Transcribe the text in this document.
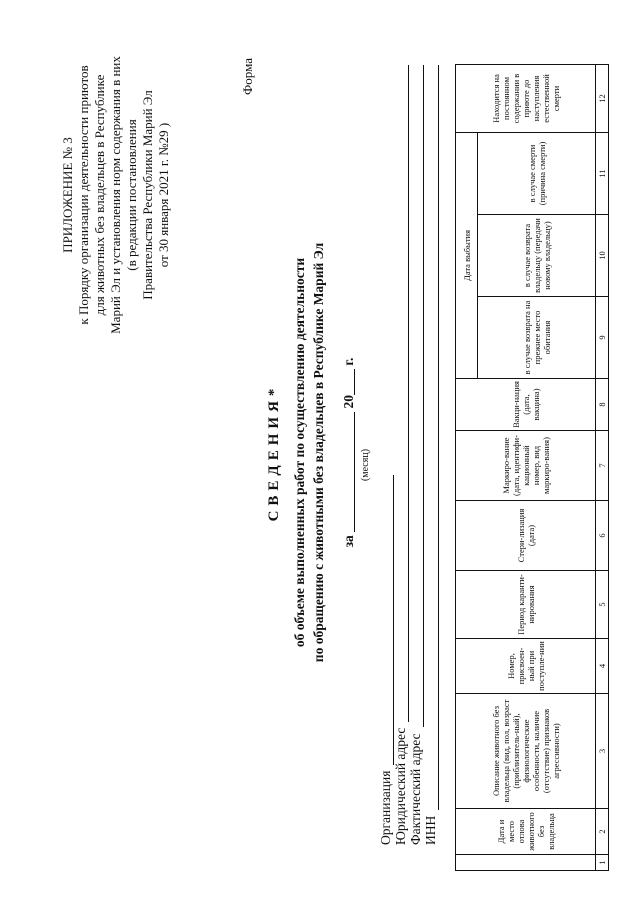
ПРИЛОЖЕНИЕ № 3 к Порядку организации деятельности приютов для животных без владельцев в Республике Марий Эл и установления норм содержания в них (в редакции постановления Правительства Республики Марий Эл от 30 января 2021 г. №29 )
Форма
СВЕДЕНИЯ* об объеме выполненных работ по осуществлению деятельности по обращению с животными без владельцев в Республике Марий Эл за  20 г.
(месяц)
Организация Юридический адрес Фактический адрес ИНН
		Дата и место отлова животного без владельца	Описание животного без владельца (вид, пол, возраст (приблизитель-ный), физиологические особенности, наличие (отсутствие) признаков агрессивности)	Номер, присвоен-ный при поступле-нии	Период каранти-нирования	Стери-лизация (дата)	Маркиро-вание (дата, идентифи-кационный номер, вид маркиро-вания)	Вакци-нация (дата, вакцина)	Дата выбытия			Находится на постоянном содержании в приюте до наступления естественной смерти
								в случае возврата на прежнее место обитания	в случае возврата владельцу (передачи новому владельцу)	в случае смерти (причина смерти)	
1	2	3	4	5	6	7	8	9	10	11	12
